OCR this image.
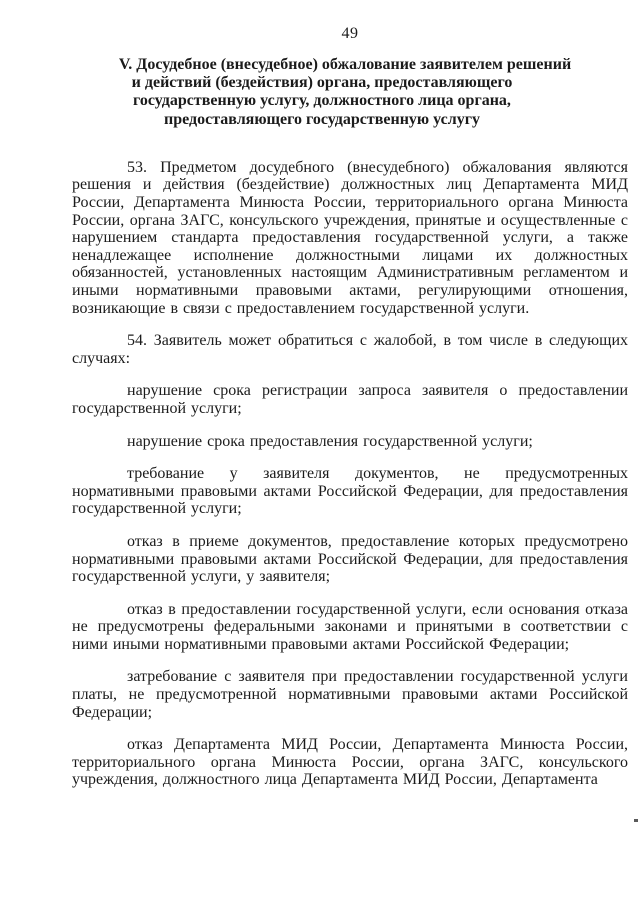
49
V. Досудебное (внесудебное) обжалование заявителем решений и действий (бездействия) органа, предоставляющего государственную услугу, должностного лица органа, предоставляющего государственную услугу

53. Предметом досудебного (внесудебного) обжалования являются решения и действия (бездействие) должностных лиц Департамента МИД России, Департамента Минюста России, территориального органа Минюста России, органа ЗАГС, консульского учреждения, принятые и осуществленные с нарушением стандарта предоставления государственной услуги, а также ненадлежащее исполнение должностными лицами их должностных обязанностей, установленных настоящим Административным регламентом и иными нормативными правовыми актами, регулирующими отношения, возникающие в связи с предоставлением государственной услуги.

54. Заявитель может обратиться с жалобой, в том числе в следующих случаях:

нарушение срока регистрации запроса заявителя о предоставлении государственной услуги;

нарушение срока предоставления государственной услуги;

требование у заявителя документов, не предусмотренных нормативными правовыми актами Российской Федерации, для предоставления государственной услуги;

отказ в приеме документов, предоставление которых предусмотрено нормативными правовыми актами Российской Федерации, для предоставления государственной услуги, у заявителя;

отказ в предоставлении государственной услуги, если основания отказа не предусмотрены федеральными законами и принятыми в соответствии с ними иными нормативными правовыми актами Российской Федерации;

затребование с заявителя при предоставлении государственной услуги платы, не предусмотренной нормативными правовыми актами Российской Федерации;

отказ Департамента МИД России, Департамента Минюста России, территориального органа Минюста России, органа ЗАГС, консульского учреждения, должностного лица Департамента МИД России, Департамента
